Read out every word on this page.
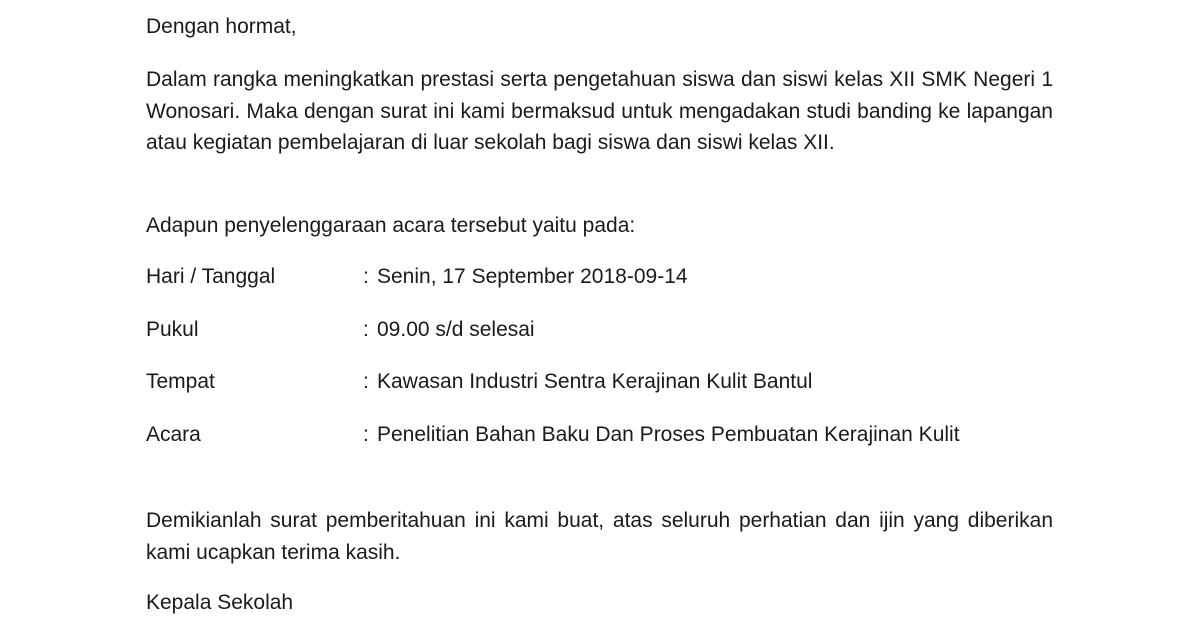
Dengan hormat,

Dalam rangka meningkatkan prestasi serta pengetahuan siswa dan siswi kelas XII SMK Negeri 1 Wonosari. Maka dengan surat ini kami bermaksud untuk mengadakan studi banding ke lapangan atau kegiatan pembelajaran di luar sekolah bagi siswa dan siswi kelas XII.

Adapun penyelenggaraan acara tersebut yaitu pada:
Hari / Tanggal	: Senin, 17 September 2018-09-14
Pukul	: 09.00 s/d selesai
Tempat	: Kawasan Industri Sentra Kerajinan Kulit Bantul
Acara	: Penelitian Bahan Baku Dan Proses Pembuatan Kerajinan Kulit

Demikianlah surat pemberitahuan ini kami buat, atas seluruh perhatian dan ijin yang diberikan kami ucapkan terima kasih.

Kepala Sekolah
